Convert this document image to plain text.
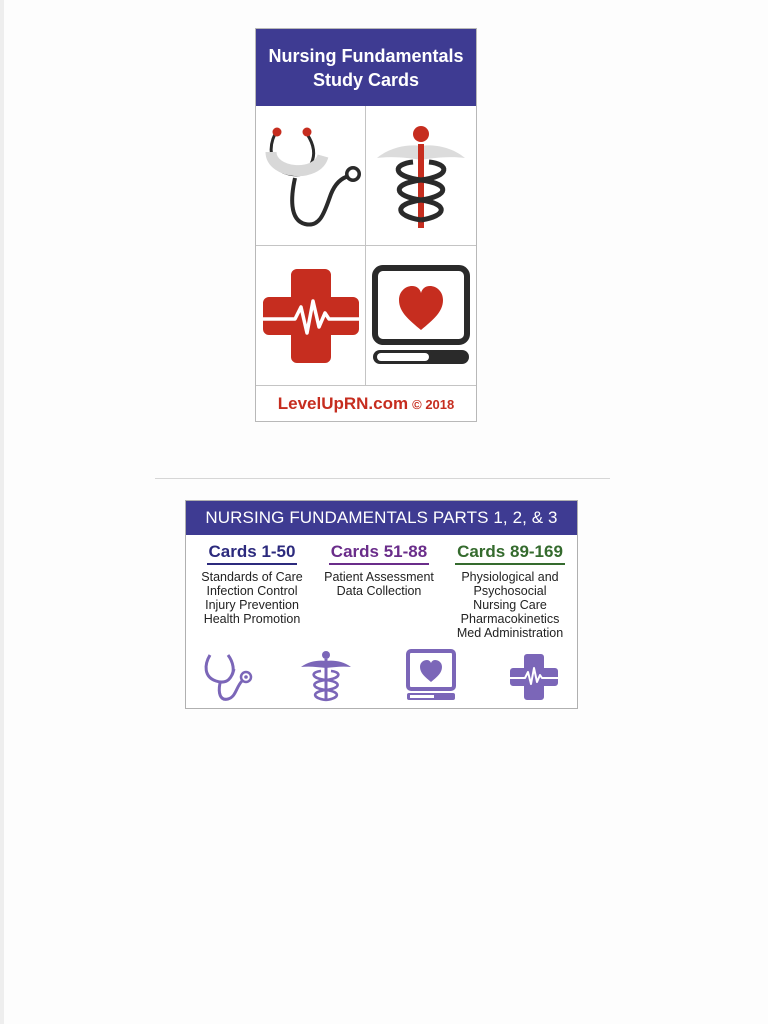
Nursing Fundamentals
Study Cards
LevelUpRN.com © 2018
NURSING FUNDAMENTALS PARTS 1, 2, & 3
Cards 1-50
Standards of Care
Infection Control
Injury Prevention
Health Promotion
Cards 51-88
Patient Assessment
Data Collection
Cards 89-169
Physiological and
Psychosocial
Nursing Care
Pharmacokinetics
Med Administration
